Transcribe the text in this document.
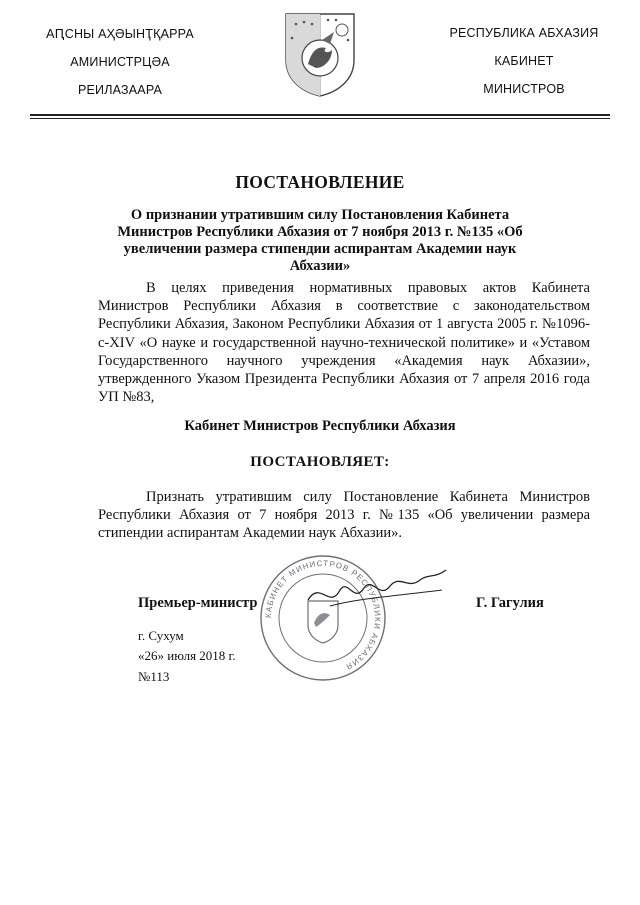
АԤСНЫ АҲӘЫНҬҚАРРА
АМИНИСТРЦӘА
РЕИЛАЗААРА
РЕСПУБЛИКА АБХАЗИЯ
КАБИНЕТ
МИНИСТРОВ
ПОСТАНОВЛЕНИЕ
О признании утратившим силу Постановления Кабинета Министров Республики Абхазия от 7 ноября 2013 г. №135 «Об увеличении размера стипендии аспирантам Академии наук Абхазии»
В целях приведения нормативных правовых актов Кабинета Министров Республики Абхазия в соответствие с законодательством Республики Абхазия, Законом Республики Абхазия от 1 августа 2005 г. №1096-с-XIV «О науке и государственной научно-технической политике» и «Уставом Государственного научного учреждения «Академия наук Абхазии», утвержденного Указом Президента Республики Абхазия от 7 апреля 2016 года УП №83,
Кабинет Министров Республики Абхазия
ПОСТАНОВЛЯЕТ:
Признать утратившим силу Постановление Кабинета Министров Республики Абхазия от 7 ноября 2013 г. №135 «Об увеличении размера стипендии аспирантам Академии наук Абхазии».
КАБИНЕТ МИНИСТРОВ РЕСПУБЛИКИ АБХАЗИЯ
Премьер-министр	Г. Гагулия
г. Сухум
«26» июля 2018 г.
№113
